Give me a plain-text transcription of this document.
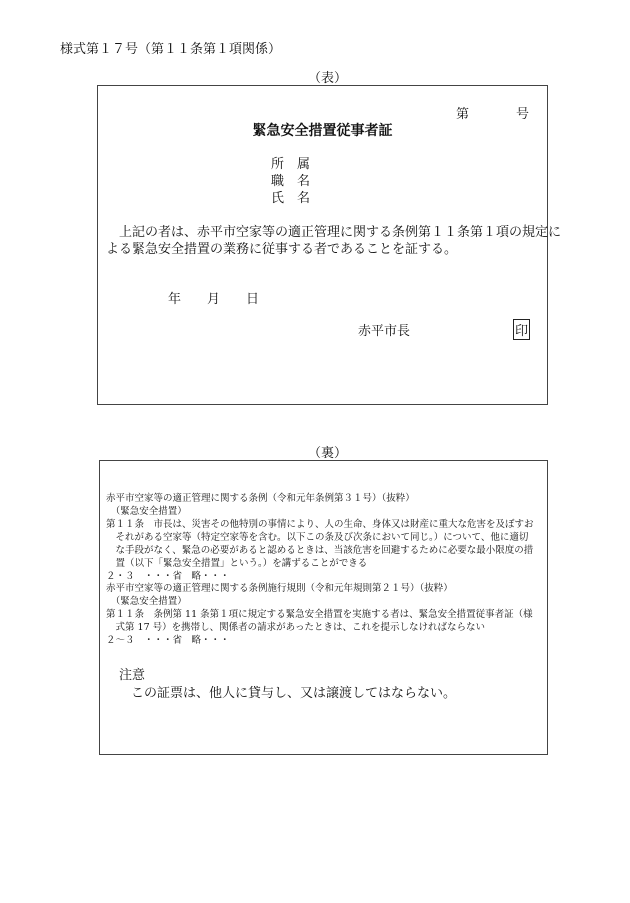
様式第１７号（第１１条第１項関係）
（表）
第	号
緊急安全措置従事者証
所　属
職　名
氏　名
　上記の者は、赤平市空家等の適正管理に関する条例第１１条第１項の規定に
よる緊急安全措置の業務に従事する者であることを証する。
年　　月　　日
赤平市長	印
（裏）
赤平市空家等の適正管理に関する条例（令和元年条例第３１号）（抜粋）
　（緊急安全措置）
第１１条　市長は、災害その他特別の事情により、人の生命、身体又は財産に重大な危害を及ぼすお
　それがある空家等（特定空家等を含む。以下この条及び次条において同じ。）について、他に適切
　な手段がなく、緊急の必要があると認めるときは、当該危害を回避するために必要な最小限度の措
　置（以下「緊急安全措置」という。）を講ずることができる
２・３　・・・省　略・・・
赤平市空家等の適正管理に関する条例施行規則（令和元年規則第２１号）（抜粋）
　（緊急安全措置）
第１１条　条例第 11 条第１項に規定する緊急安全措置を実施する者は、緊急安全措置従事者証（様
　式第 17 号）を携帯し、関係者の請求があったときは、これを提示しなければならない
２～３　・・・省　略・・・
注意
この証票は、他人に貸与し、又は譲渡してはならない。
